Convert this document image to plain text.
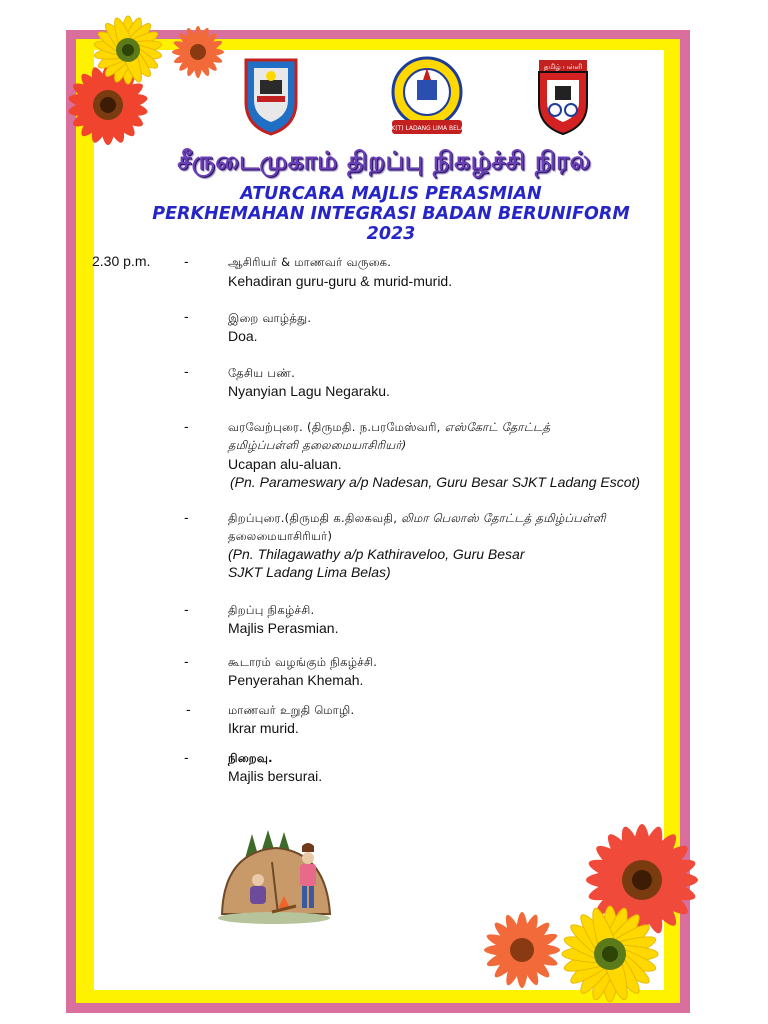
SJK(T) LADANG LIMA BELAS
தமிழ் பள்ளி
சீருடைமுகாம் திறப்பு நிகழ்ச்சி நிரல்
ATURCARA MAJLIS PERASMIAN
PERKHEMAHAN INTEGRASI BADAN BERUNIFORM
2023
2.30 p.m. -	ஆசிரியர் & மாணவர் வருகை.
Kehadiran guru-guru & murid-murid.
-	இறை வாழ்த்து.
Doa.
-	தேசிய பண்.
Nyanyian Lagu Negaraku.
-	வரவேற்புரை. (திருமதி. ந.பரமேஸ்வரி, எஸ்கோட் தோட்டத்
தமிழ்ப்பள்ளி தலைமையாசிரியர்)
Ucapan alu-aluan.
(Pn. Parameswary a/p Nadesan, Guru Besar SJKT Ladang Escot)
-	திறப்புரை.(திருமதி க.திலகவதி, லிமா பெலாஸ் தோட்டத் தமிழ்ப்பள்ளி
தலைமையாசிரியர்)
(Pn. Thilagawathy a/p Kathiraveloo, Guru Besar
SJKT Ladang Lima Belas)
-	திறப்பு நிகழ்ச்சி.
Majlis Perasmian.
-	கூடாரம் வழங்கும் நிகழ்ச்சி.
Penyerahan Khemah.
-	மாணவர் உறுதி மொழி.
Ikrar murid.
-	நிறைவு.
Majlis bersurai.
